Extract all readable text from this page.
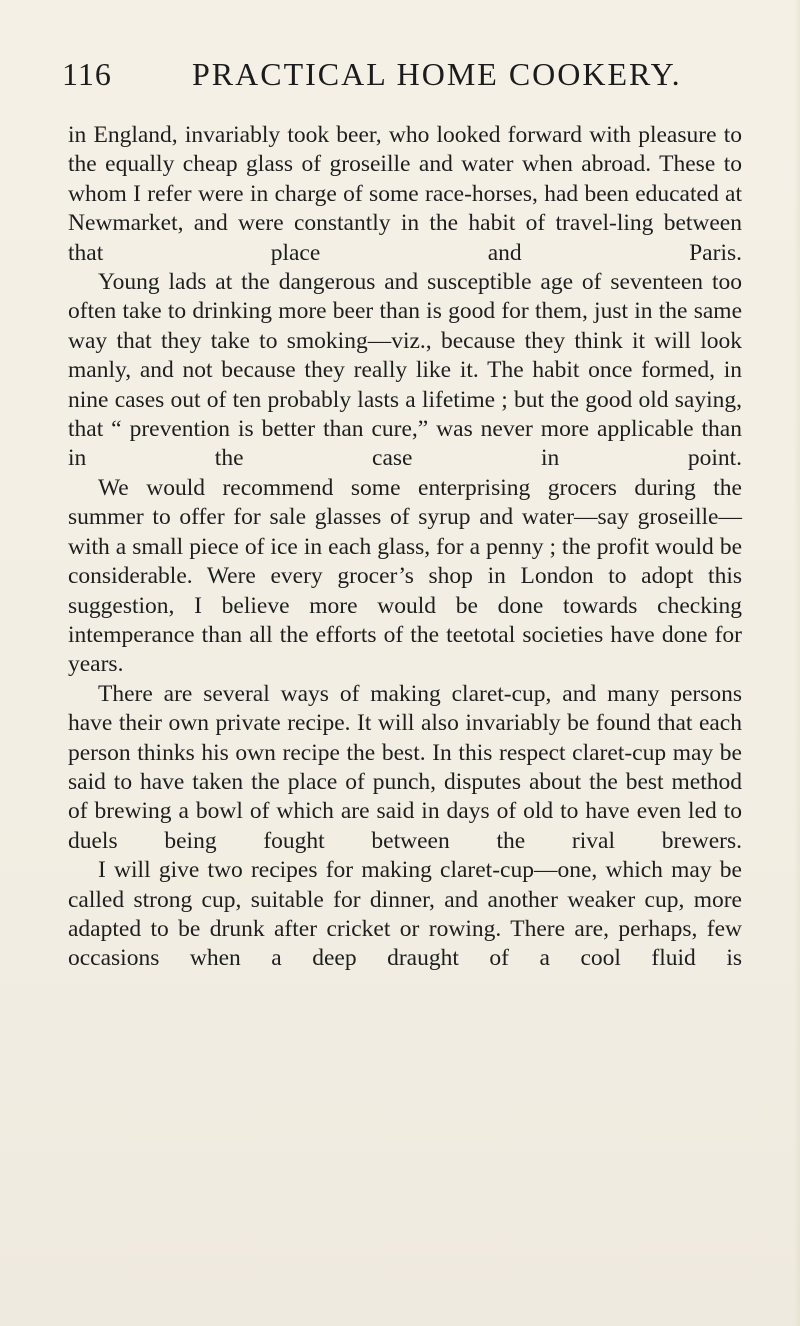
116	PRACTICAL HOME COOKERY.

in England, invariably took beer, who looked forward with pleasure to the equally cheap glass of groseille and water when abroad. These to whom I refer were in charge of some race-horses, had been educated at Newmarket, and were constantly in the habit of travel-ling between that place and Paris.

Young lads at the dangerous and susceptible age of seventeen too often take to drinking more beer than is good for them, just in the same way that they take to smoking—viz., because they think it will look manly, and not because they really like it. The habit once formed, in nine cases out of ten probably lasts a lifetime ; but the good old saying, that “ prevention is better than cure,” was never more applicable than in the case in point.

We would recommend some enterprising grocers during the summer to offer for sale glasses of syrup and water—say groseille—with a small piece of ice in each glass, for a penny ; the profit would be considerable. Were every grocer’s shop in London to adopt this suggestion, I believe more would be done towards checking intemperance than all the efforts of the teetotal societies have done for years.

There are several ways of making claret-cup, and many persons have their own private recipe. It will also invariably be found that each person thinks his own recipe the best. In this respect claret-cup may be said to have taken the place of punch, disputes about the best method of brewing a bowl of which are said in days of old to have even led to duels being fought between the rival brewers.

I will give two recipes for making claret-cup—one, which may be called strong cup, suitable for dinner, and another weaker cup, more adapted to be drunk after cricket or rowing. There are, perhaps, few occasions when a deep draught of a cool fluid is
